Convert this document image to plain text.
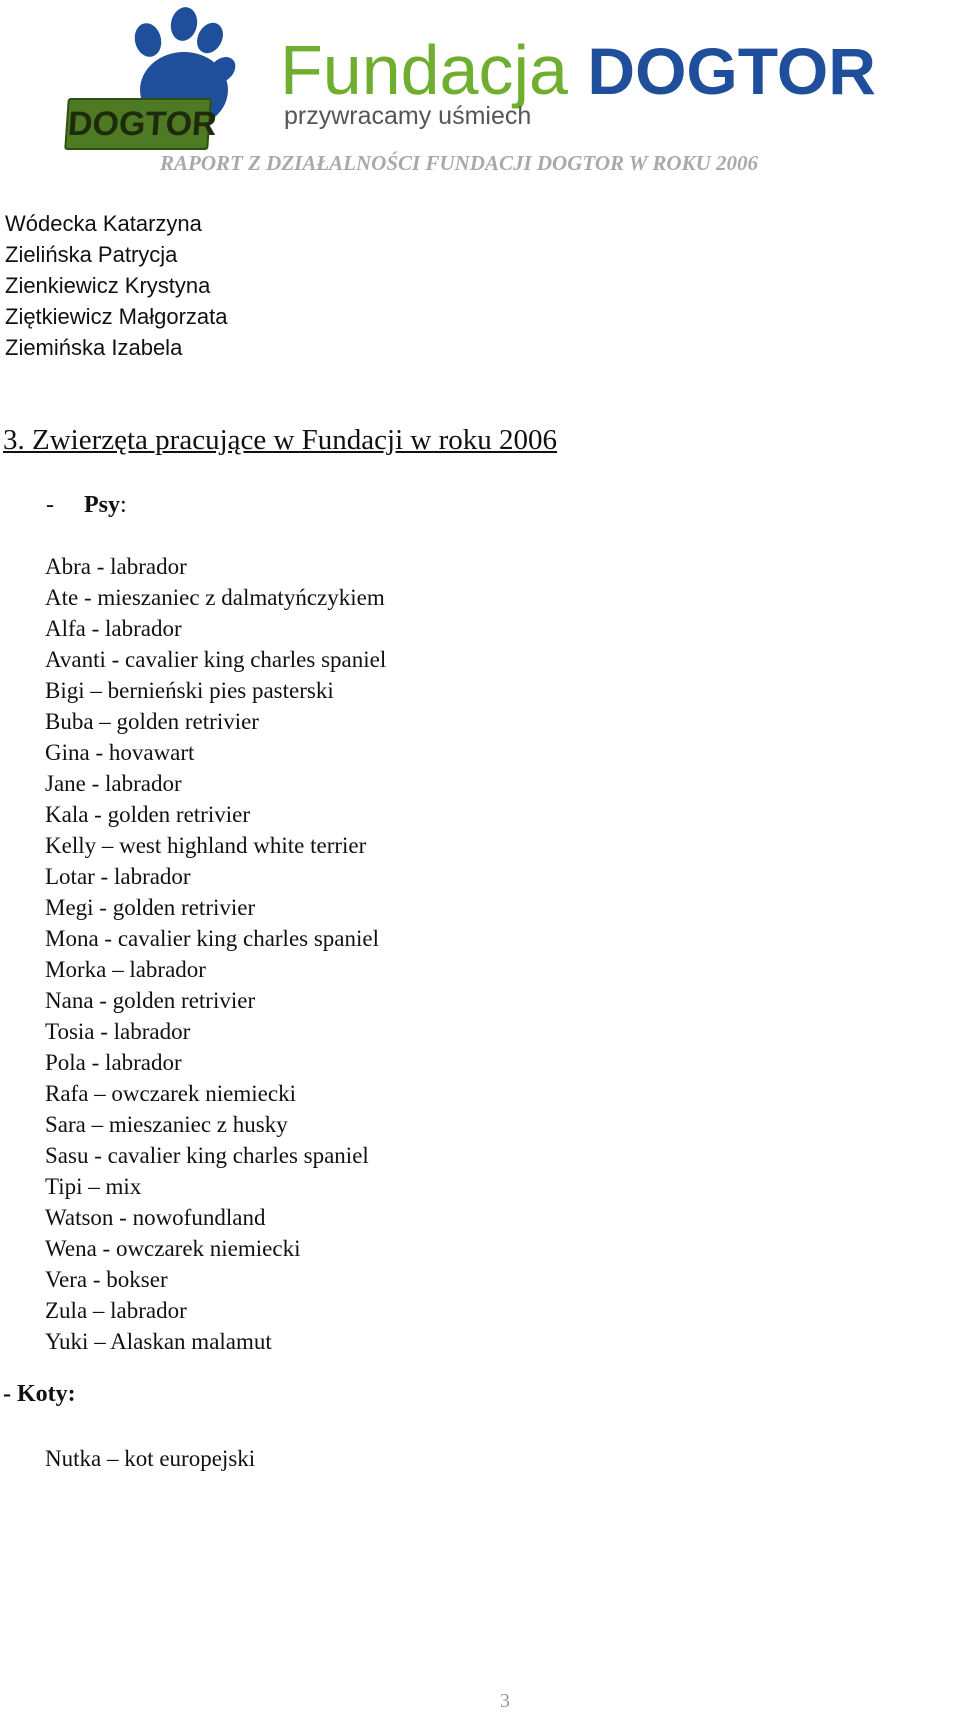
DOGTOR
Fundacja DOGTOR
przywracamy uśmiech
RAPORT Z DZIAŁALNOŚCI FUNDACJI DOGTOR W ROKU 2006
Wódecka Katarzyna
Zielińska Patrycja
Zienkiewicz Krystyna
Ziętkiewicz Małgorzata
Ziemińska Izabela
3. Zwierzęta pracujące w Fundacji w roku 2006
- Psy:
Abra - labrador
Ate - mieszaniec z dalmatyńczykiem
Alfa - labrador
Avanti - cavalier king charles spaniel
Bigi – bernieński pies pasterski
Buba – golden retrivier
Gina - hovawart
Jane - labrador
Kala - golden retrivier
Kelly – west highland white terrier
Lotar - labrador
Megi - golden retrivier
Mona - cavalier king charles spaniel
Morka – labrador
Nana - golden retrivier
Tosia - labrador
Pola - labrador
Rafa – owczarek niemiecki
Sara – mieszaniec z husky
Sasu - cavalier king charles spaniel
Tipi – mix
Watson - nowofundland
Wena - owczarek niemiecki
Vera - bokser
Zula – labrador
Yuki – Alaskan malamut
- Koty:
Nutka – kot europejski
3
